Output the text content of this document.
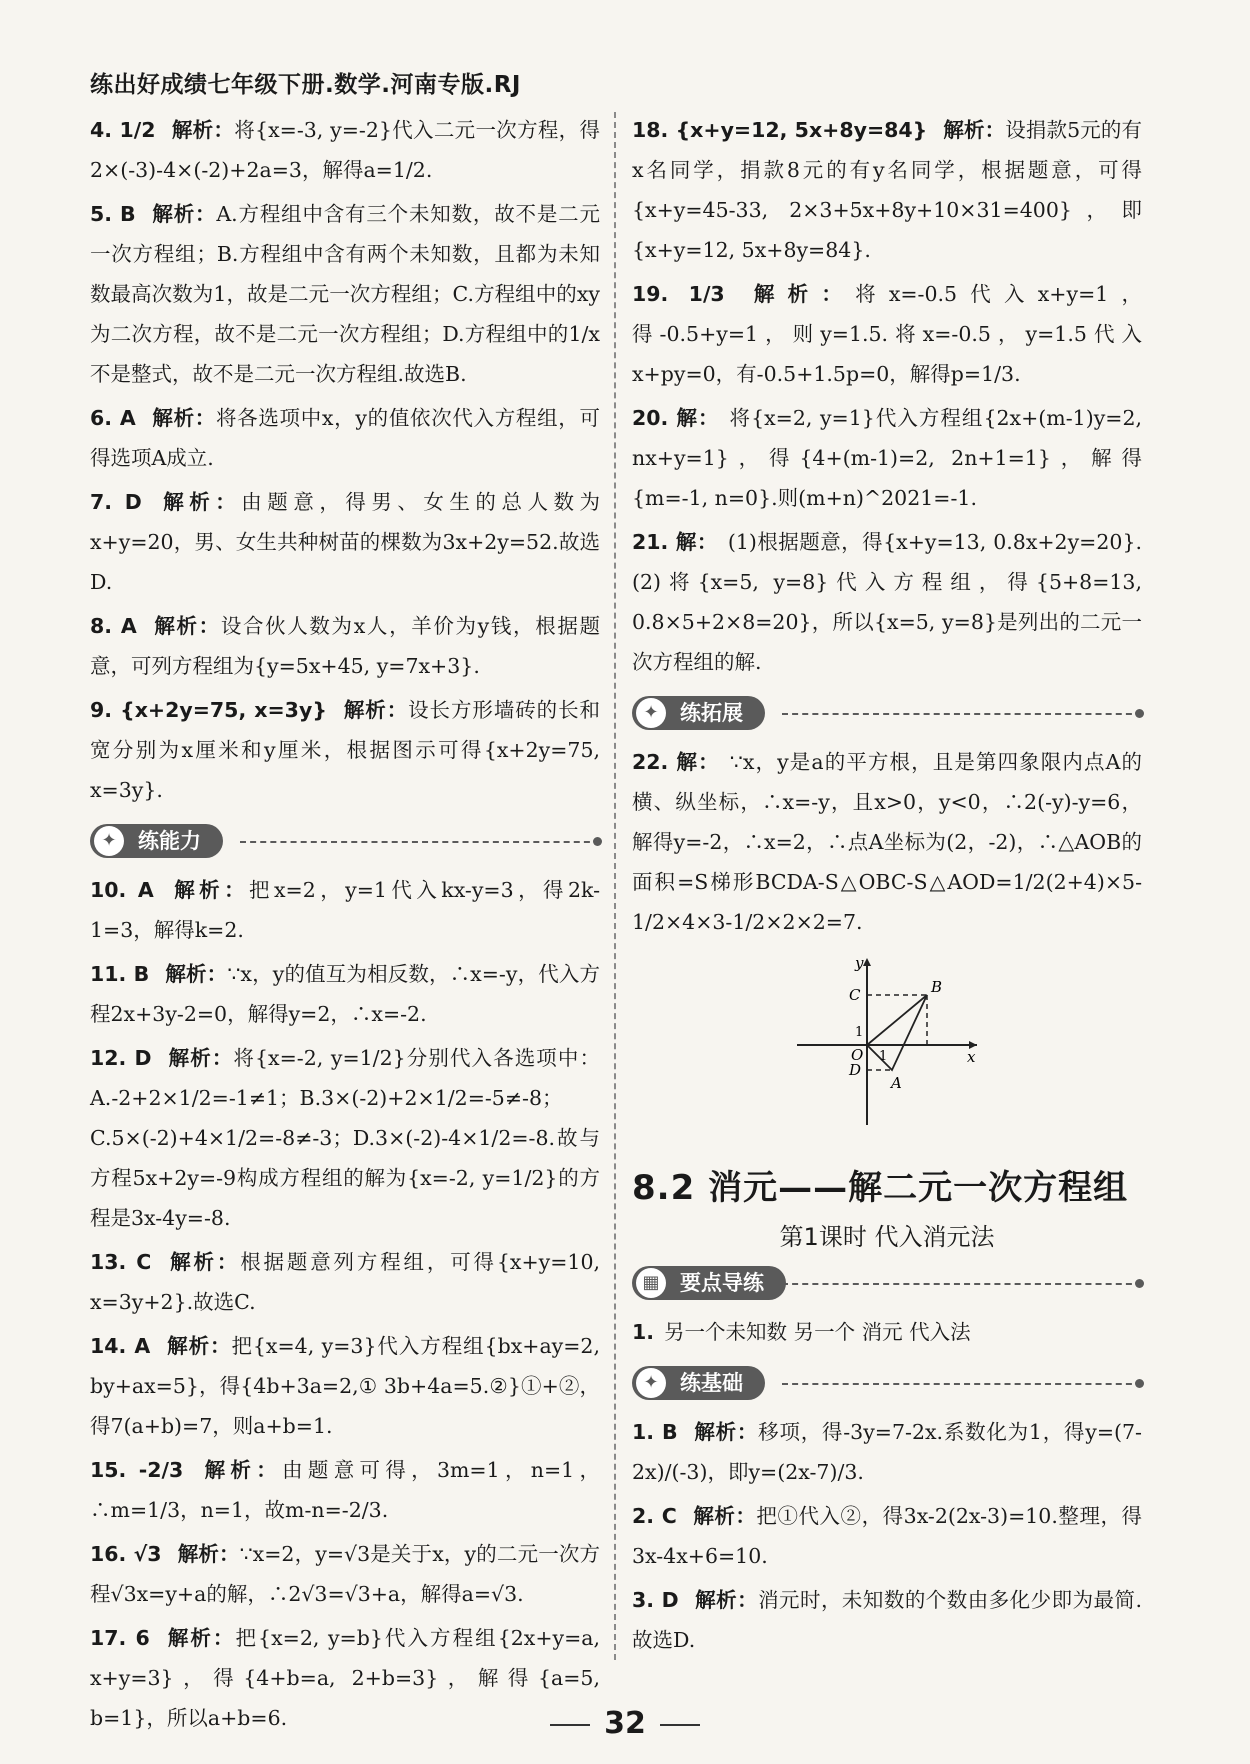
练出好成绩七年级下册.数学.河南专版.RJ
4. 1/2 解析：将{x=-3, y=-2}代入二元一次方程，得2×(-3)-4×(-2)+2a=3，解得a=1/2.
5. B 解析：A.方程组中含有三个未知数，故不是二元一次方程组；B.方程组中含有两个未知数，且都为未知数最高次数为1，故是二元一次方程组；C.方程组中的xy为二次方程，故不是二元一次方程组；D.方程组中的1/x不是整式，故不是二元一次方程组.故选B.
6. A 解析：将各选项中x，y的值依次代入方程组，可得选项A成立.
7. D 解析：由题意，得男、女生的总人数为x+y=20，男、女生共种树苗的棵数为3x+2y=52.故选D.
8. A 解析：设合伙人数为x人，羊价为y钱，根据题意，可列方程组为{y=5x+45, y=7x+3}.
9. {x+2y=75, x=3y} 解析：设长方形墙砖的长和宽分别为x厘米和y厘米，根据图示可得{x+2y=75, x=3y}.
✦	练能力
10. A 解析：把x=2，y=1代入kx-y=3，得2k-1=3，解得k=2.
11. B 解析：∵x，y的值互为相反数，∴x=-y，代入方程2x+3y-2=0，解得y=2，∴x=-2.
12. D 解析：将{x=-2, y=1/2}分别代入各选项中：A.-2+2×1/2=-1≠1；B.3×(-2)+2×1/2=-5≠-8；C.5×(-2)+4×1/2=-8≠-3；D.3×(-2)-4×1/2=-8.故与方程5x+2y=-9构成方程组的解为{x=-2, y=1/2}的方程是3x-4y=-8.
13. C 解析：根据题意列方程组，可得{x+y=10, x=3y+2}.故选C.
14. A 解析：把{x=4, y=3}代入方程组{bx+ay=2, by+ax=5}，得{4b+3a=2,① 3b+4a=5.②}①+②，得7(a+b)=7，则a+b=1.
15. -2/3 解析：由题意可得，3m=1，n=1，∴m=1/3，n=1，故m-n=-2/3.
16. √3 解析：∵x=2，y=√3是关于x，y的二元一次方程√3x=y+a的解，∴2√3=√3+a，解得a=√3.
17. 6 解析：把{x=2, y=b}代入方程组{2x+y=a, x+y=3}，得{4+b=a, 2+b=3}，解得{a=5, b=1}，所以a+b=6.
18. {x+y=12, 5x+8y=84} 解析：设捐款5元的有x名同学，捐款8元的有y名同学，根据题意，可得{x+y=45-33, 2×3+5x+8y+10×31=400}，即{x+y=12, 5x+8y=84}.
19. 1/3 解析：将x=-0.5代入x+y=1，得-0.5+y=1，则y=1.5.将x=-0.5，y=1.5代入x+py=0，有-0.5+1.5p=0，解得p=1/3.
20. 解： 将{x=2, y=1}代入方程组{2x+(m-1)y=2, nx+y=1}，得{4+(m-1)=2, 2n+1=1}，解得{m=-1, n=0}.则(m+n)^2021=-1.
21. 解： (1)根据题意，得{x+y=13, 0.8x+2y=20}. (2)将{x=5, y=8}代入方程组，得{5+8=13, 0.8×5+2×8=20}，所以{x=5, y=8}是列出的二元一次方程组的解.
✦	练拓展
22. 解： ∵x，y是a的平方根，且是第四象限内点A的横、纵坐标，∴x=-y，且x>0，y<0，∴2(-y)-y=6，解得y=-2，∴x=2，∴点A坐标为(2，-2)，∴△AOB的面积=S梯形BCDA-S△OBC-S△AOD=1/2(2+4)×5-1/2×4×3-1/2×2×2=7.
y
x
C	B
1
O 1
D
A
8.2 消元——解二元一次方程组
第1课时 代入消元法
▦ 要点导练
1. 另一个未知数 另一个 消元 代入法
✦	练基础
1. B 解析：移项，得-3y=7-2x.系数化为1，得y=(7-2x)/(-3)，即y=(2x-7)/3.
2. C 解析：把①代入②，得3x-2(2x-3)=10.整理，得3x-4x+6=10.
3. D 解析：消元时，未知数的个数由多化少即为最简.故选D.
32
